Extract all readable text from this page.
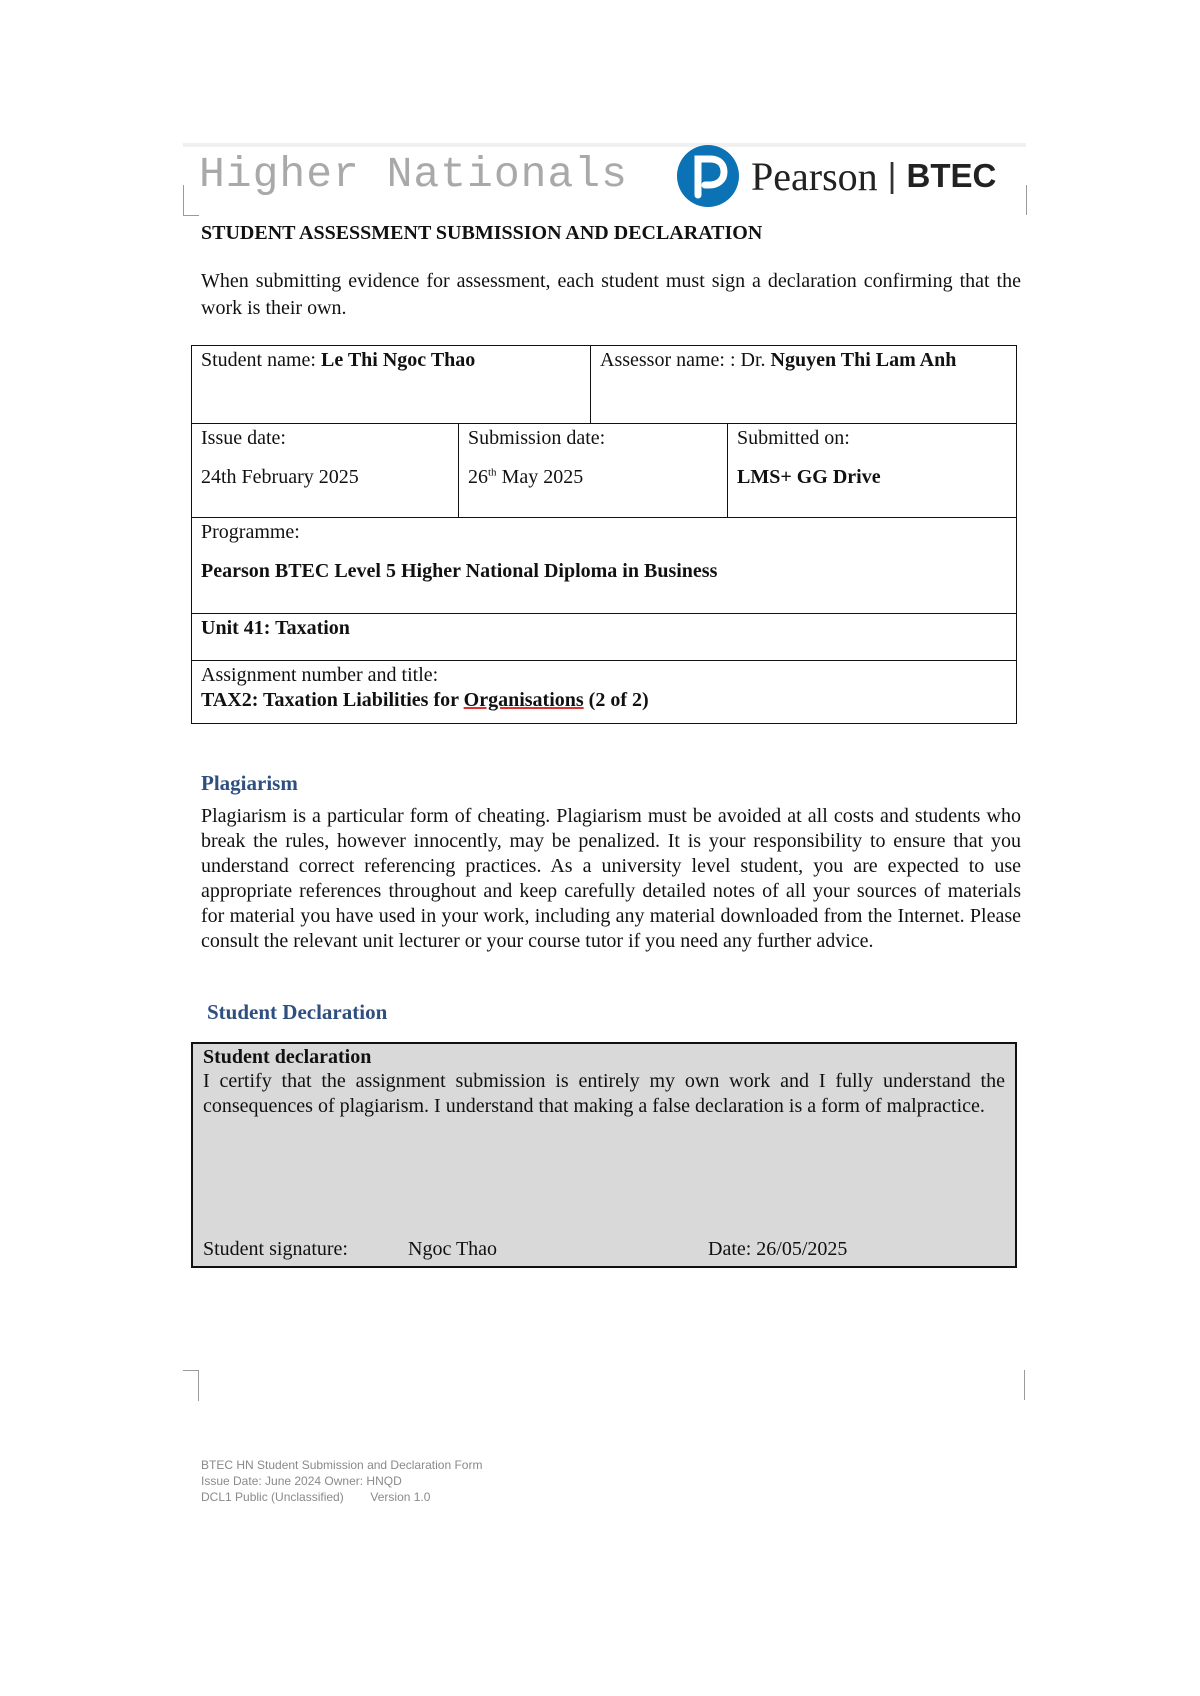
Higher Nationals	Pearson | BTEC
STUDENT ASSESSMENT SUBMISSION AND DECLARATION
When submitting evidence for assessment, each student must sign a declaration confirming that the work is their own.
Student name: Le Thi Ngoc Thao	Assessor name: : Dr. Nguyen Thi Lam Anh

Issue date:
24th February 2025

Submission date:
26th May 2025

Submitted on:
LMS+ GG Drive

Programme:
Pearson BTEC Level 5 Higher National Diploma in Business

Unit 41: Taxation

Assignment number and title:
TAX2: Taxation Liabilities for Organisations (2 of 2)
Plagiarism
Plagiarism is a particular form of cheating. Plagiarism must be avoided at all costs and students who break the rules, however innocently, may be penalized. It is your responsibility to ensure that you understand correct referencing practices. As a university level student, you are expected to use appropriate references throughout and keep carefully detailed notes of all your sources of materials for material you have used in your work, including any material downloaded from the Internet. Please consult the relevant unit lecturer or your course tutor if you need any further advice.
Student Declaration
Student declaration
I certify that the assignment submission is entirely my own work and I fully understand the consequences of plagiarism. I understand that making a false declaration is a form of malpractice.
Student signature:	Ngoc Thao	Date: 26/05/2025
BTEC HN Student Submission and Declaration Form
Issue Date: June 2024 Owner: HNQD
DCL1 Public (Unclassified)        Version 1.0
